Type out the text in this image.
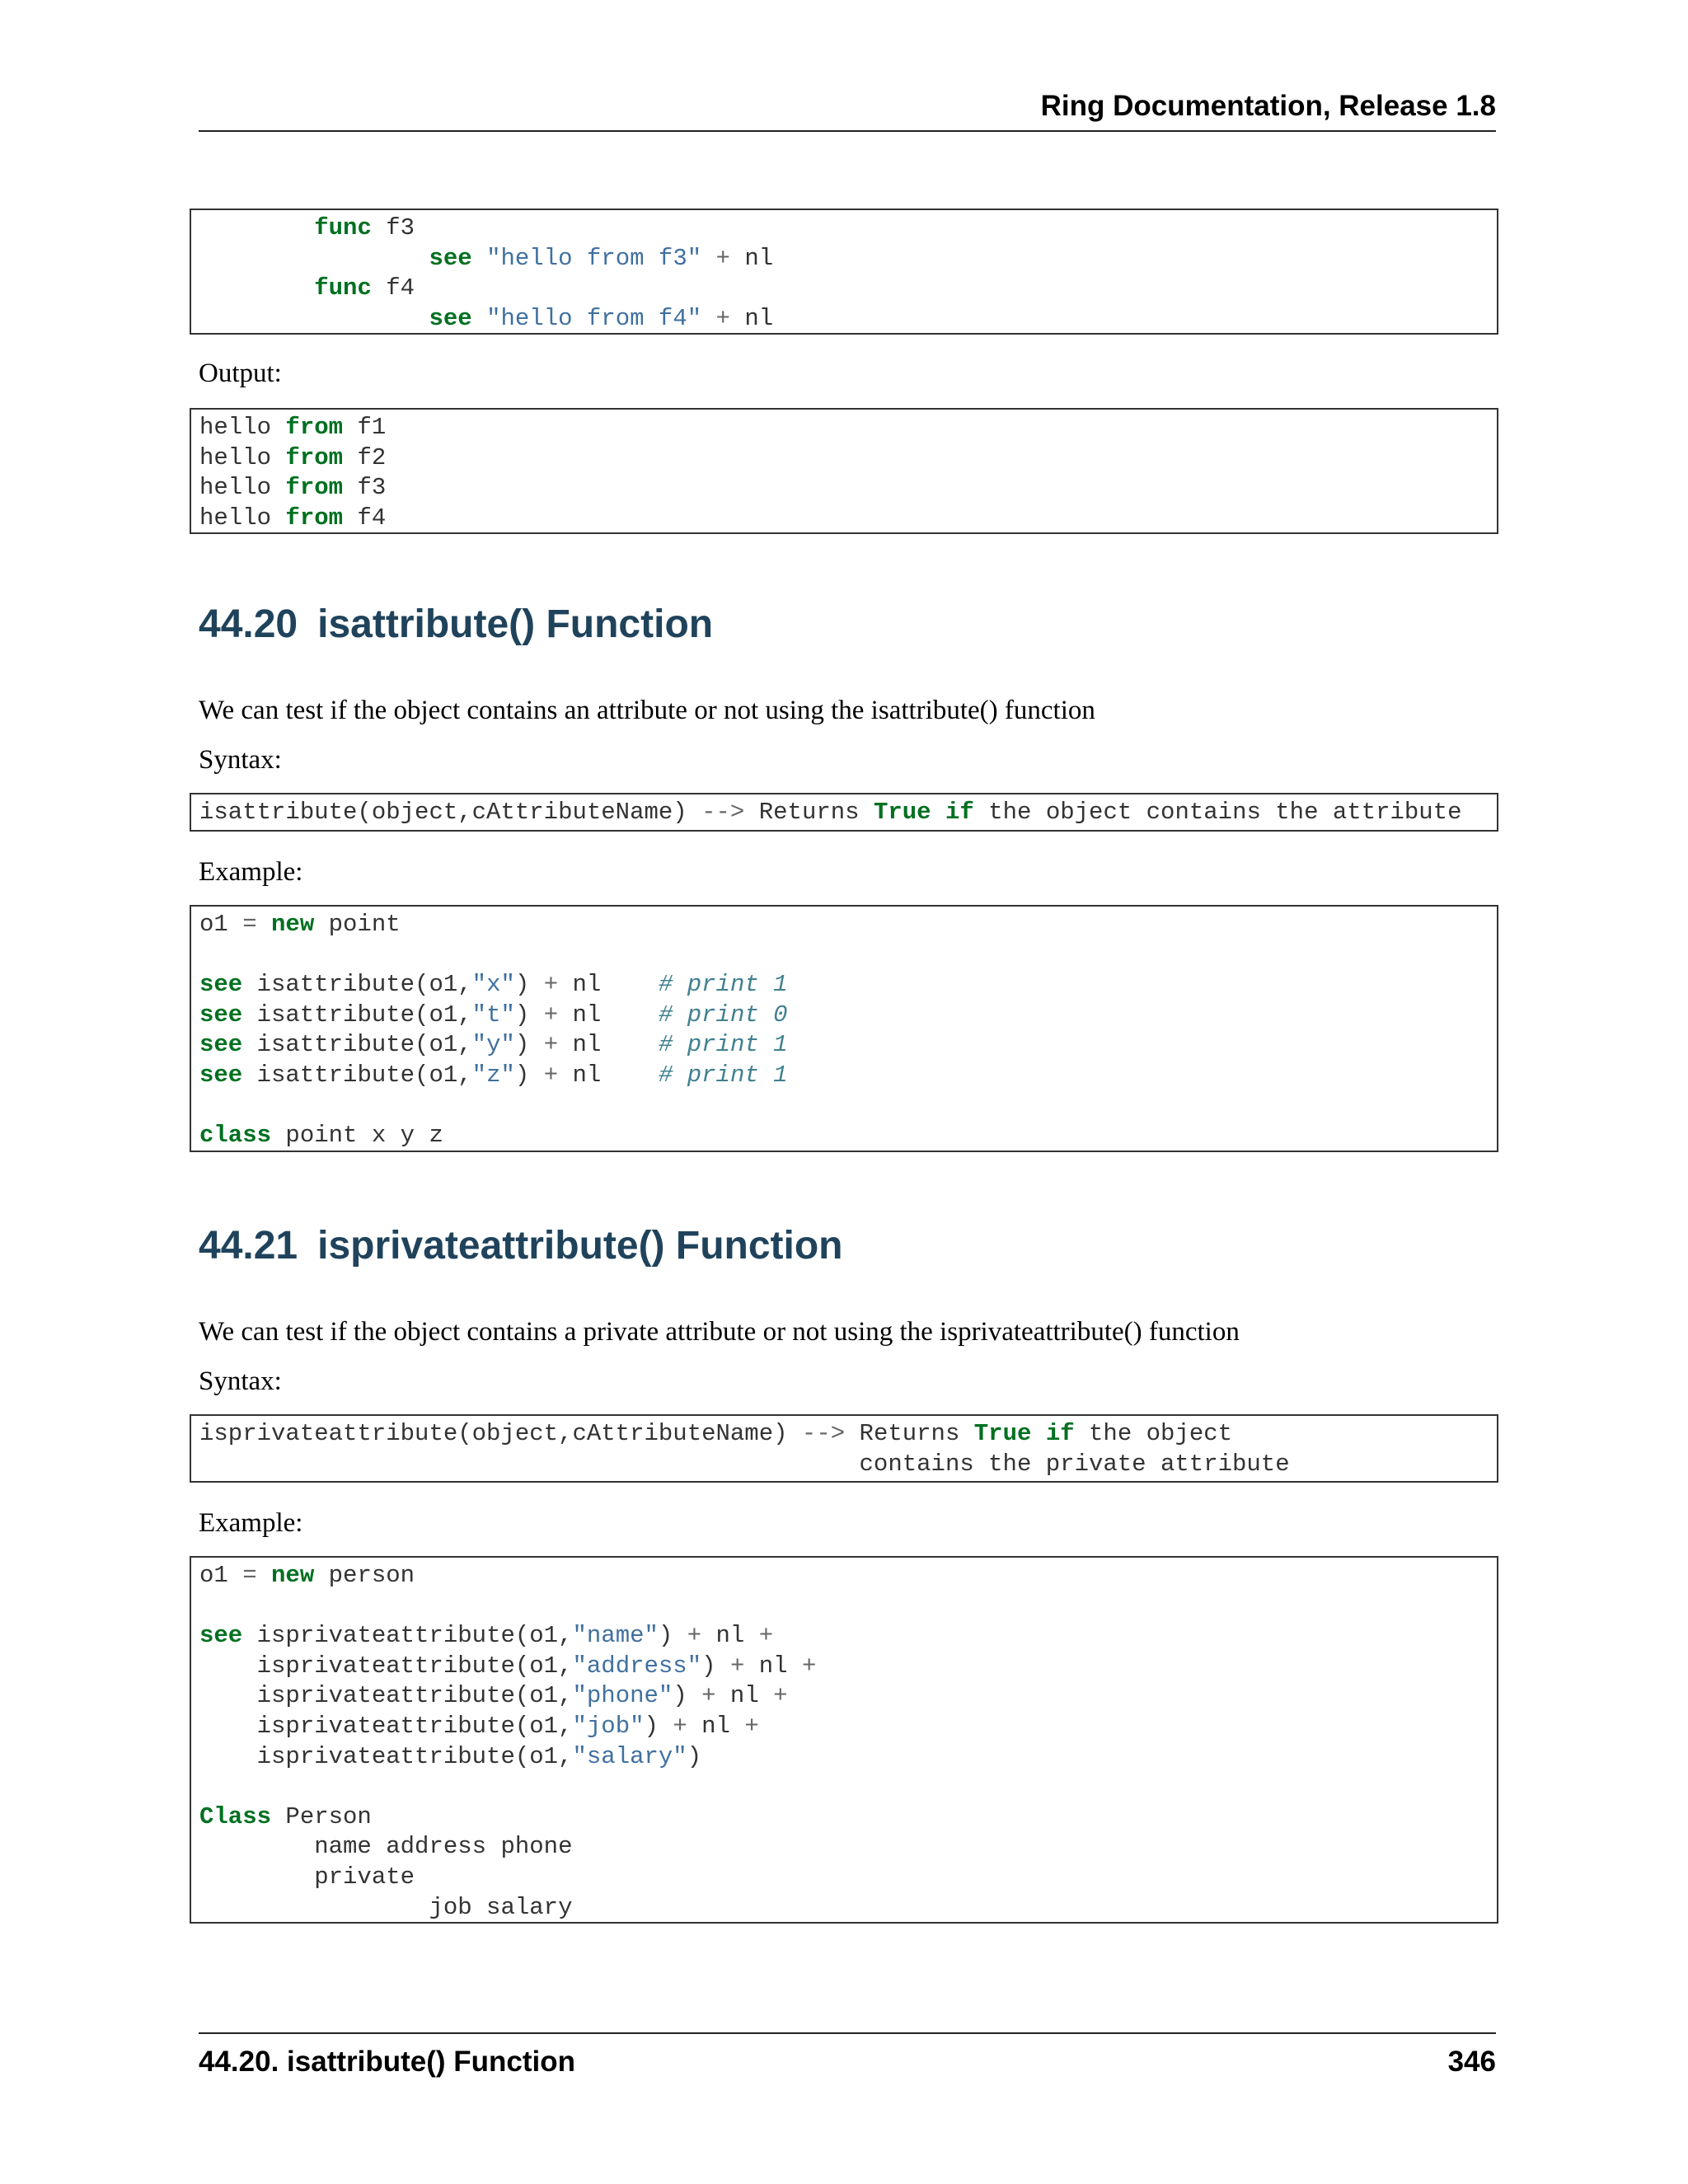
Ring Documentation, Release 1.8
func f3
see "hello from f3" + nl
func f4
see "hello from f4" + nl
Output:
hello from f1
hello from f2
hello from f3
hello from f4
44.20 isattribute() Function
We can test if the object contains an attribute or not using the isattribute() function
Syntax:
isattribute(object,cAttributeName) --> Returns True if the object contains the attribute
Example:
o1 = new point

see isattribute(o1,"x") + nl    # print 1
see isattribute(o1,"t") + nl    # print 0
see isattribute(o1,"y") + nl    # print 1
see isattribute(o1,"z") + nl    # print 1

class point x y z
44.21 isprivateattribute() Function
We can test if the object contains a private attribute or not using the isprivateattribute() function
Syntax:
isprivateattribute(object,cAttributeName) --> Returns True if the object
contains the private attribute
Example:
o1 = new person

see isprivateattribute(o1,"name") + nl +
isprivateattribute(o1,"address") + nl +
isprivateattribute(o1,"phone") + nl +
isprivateattribute(o1,"job") + nl +
isprivateattribute(o1,"salary")

Class Person
name address phone
private
job salary
44.20. isattribute() Function	346
